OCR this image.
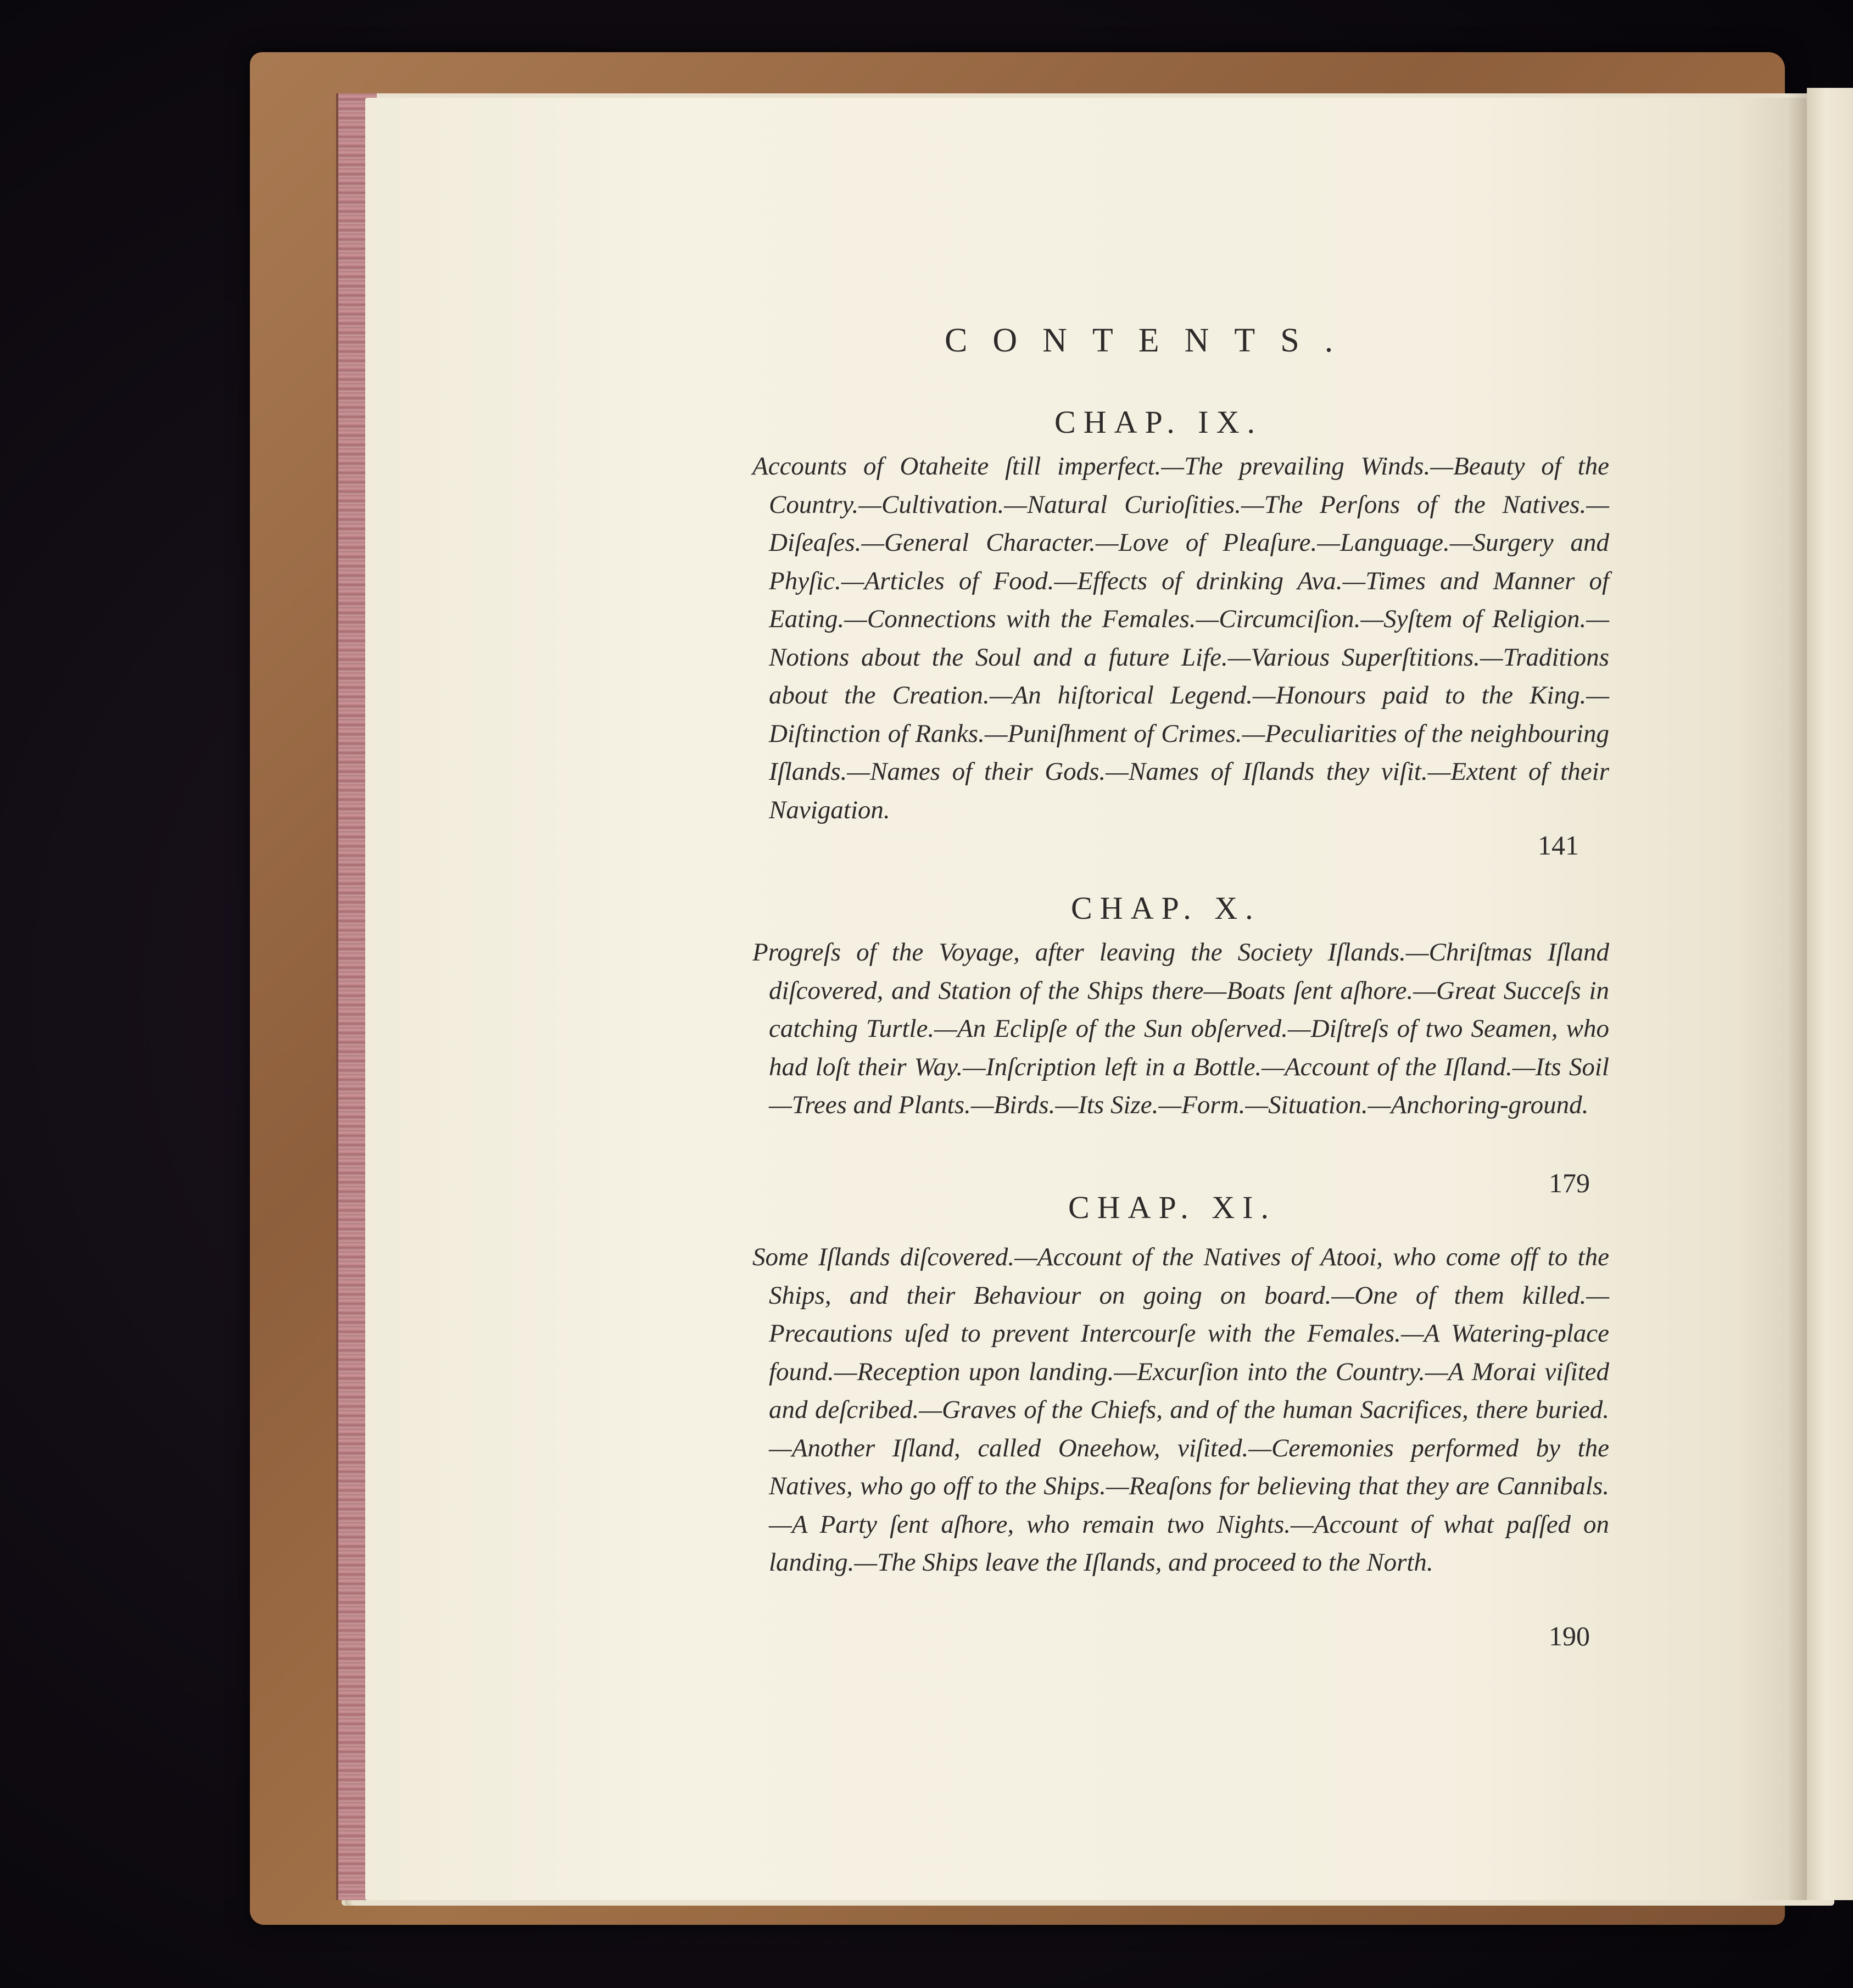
CONTENTS.
CHAP. IX.
Accounts of Otaheite ſtill imperfect.—The prevailing Winds.—Beauty of the Country.—Cultivation.—Natural Curioſities.—The Perſons of the Natives.—Diſeaſes.—General Character.—Love of Pleaſure.—Language.—Surgery and Phyſic.—Articles of Food.—Effects of drinking Ava.—Times and Manner of Eating.—Connections with the Females.—Circumciſion.—Syſtem of Religion.—Notions about the Soul and a future Life.—Various Superſtitions.—Traditions about the Creation.—An hiſtorical Legend.—Honours paid to the King.—Diſtinction of Ranks.—Puniſhment of Crimes.—Peculiarities of the neighbouring Iſlands.—Names of their Gods.—Names of Iſlands they viſit.—Extent of their Navigation.
141
CHAP. X.
Progreſs of the Voyage, after leaving the Society Iſlands.—Chriſtmas Iſland diſcovered, and Station of the Ships there—Boats ſent aſhore.—Great Succeſs in catching Turtle.—An Eclipſe of the Sun obſerved.—Diſtreſs of two Seamen, who had loſt their Way.—Inſcription left in a Bottle.—Account of the Iſland.—Its Soil—Trees and Plants.—Birds.—Its Size.—Form.—Situation.—Anchoring-ground.
179
CHAP. XI.
Some Iſlands diſcovered.—Account of the Natives of Atooi, who come off to the Ships, and their Behaviour on going on board.—One of them killed.—Precautions uſed to prevent Intercourſe with the Females.—A Watering-place found.—Reception upon landing.—Excurſion into the Country.—A Morai viſited and deſcribed.—Graves of the Chiefs, and of the human Sacrifices, there buried.—Another Iſland, called Oneehow, viſited.—Ceremonies performed by the Natives, who go off to the Ships.—Reaſons for believing that they are Cannibals.—A Party ſent aſhore, who remain two Nights.—Account of what paſſed on landing.—The Ships leave the Iſlands, and proceed to the North.
190
